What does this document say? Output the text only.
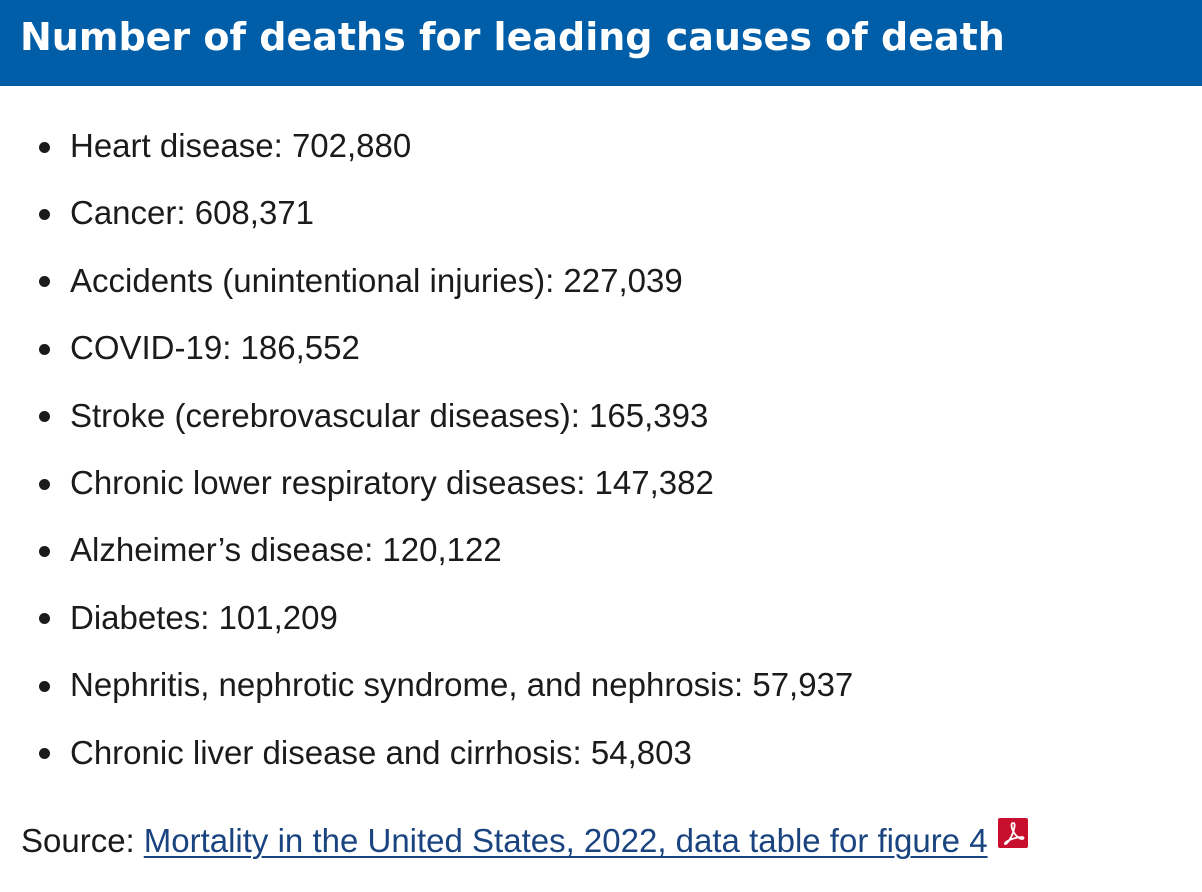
Number of deaths for leading causes of death
Heart disease: 702,880
Cancer: 608,371
Accidents (unintentional injuries): 227,039
COVID-19: 186,552
Stroke (cerebrovascular diseases): 165,393
Chronic lower respiratory diseases: 147,382
Alzheimer’s disease: 120,122
Diabetes: 101,209
Nephritis, nephrotic syndrome, and nephrosis: 57,937
Chronic liver disease and cirrhosis: 54,803
Source: Mortality in the United States, 2022, data table for figure 4
